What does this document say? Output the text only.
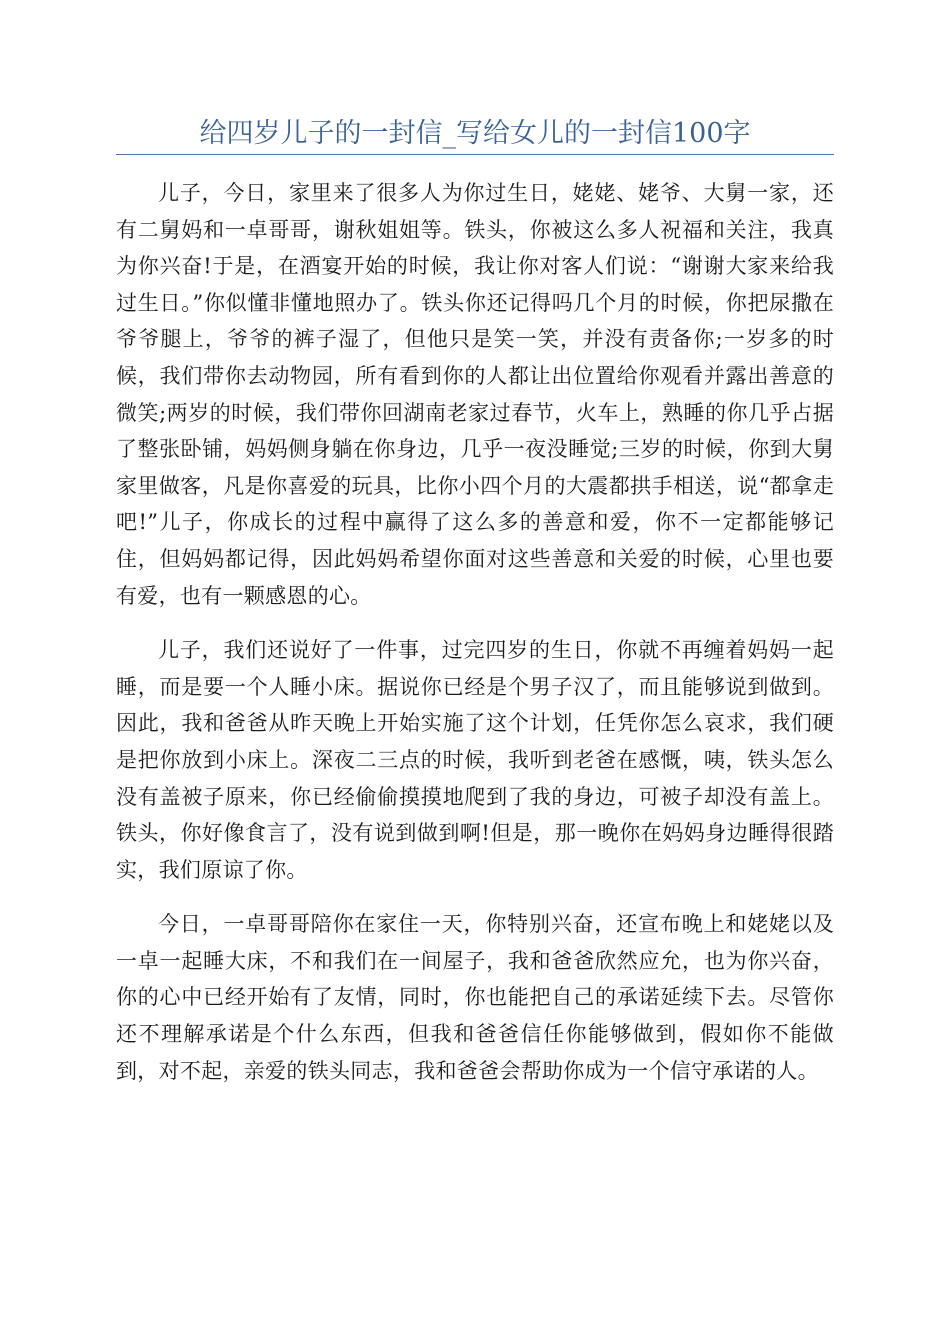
给四岁儿子的一封信_写给女儿的一封信100字

儿子，今日，家里来了很多人为你过生日，姥姥、姥爷、大舅一家，还有二舅妈和一卓哥哥，谢秋姐姐等。铁头，你被这么多人祝福和关注，我真为你兴奋!于是，在酒宴开始的时候，我让你对客人们说：“谢谢大家来给我过生日。”你似懂非懂地照办了。铁头你还记得吗几个月的时候，你把尿撒在爷爷腿上，爷爷的裤子湿了，但他只是笑一笑，并没有责备你;一岁多的时候，我们带你去动物园，所有看到你的人都让出位置给你观看并露出善意的微笑;两岁的时候，我们带你回湖南老家过春节，火车上，熟睡的你几乎占据了整张卧铺，妈妈侧身躺在你身边，几乎一夜没睡觉;三岁的时候，你到大舅家里做客，凡是你喜爱的玩具，比你小四个月的大震都拱手相送，说“都拿走吧!”儿子，你成长的过程中赢得了这么多的善意和爱，你不一定都能够记住，但妈妈都记得，因此妈妈希望你面对这些善意和关爱的时候，心里也要有爱，也有一颗感恩的心。

儿子，我们还说好了一件事，过完四岁的生日，你就不再缠着妈妈一起睡，而是要一个人睡小床。据说你已经是个男子汉了，而且能够说到做到。因此，我和爸爸从昨天晚上开始实施了这个计划，任凭你怎么哀求，我们硬是把你放到小床上。深夜二三点的时候，我听到老爸在感慨，咦，铁头怎么没有盖被子原来，你已经偷偷摸摸地爬到了我的身边，可被子却没有盖上。铁头，你好像食言了，没有说到做到啊!但是，那一晚你在妈妈身边睡得很踏实，我们原谅了你。

今日，一卓哥哥陪你在家住一天，你特别兴奋，还宣布晚上和姥姥以及一卓一起睡大床，不和我们在一间屋子，我和爸爸欣然应允，也为你兴奋，你的心中已经开始有了友情，同时，你也能把自己的承诺延续下去。尽管你还不理解承诺是个什么东西，但我和爸爸信任你能够做到，假如你不能做到，对不起，亲爱的铁头同志，我和爸爸会帮助你成为一个信守承诺的人。
